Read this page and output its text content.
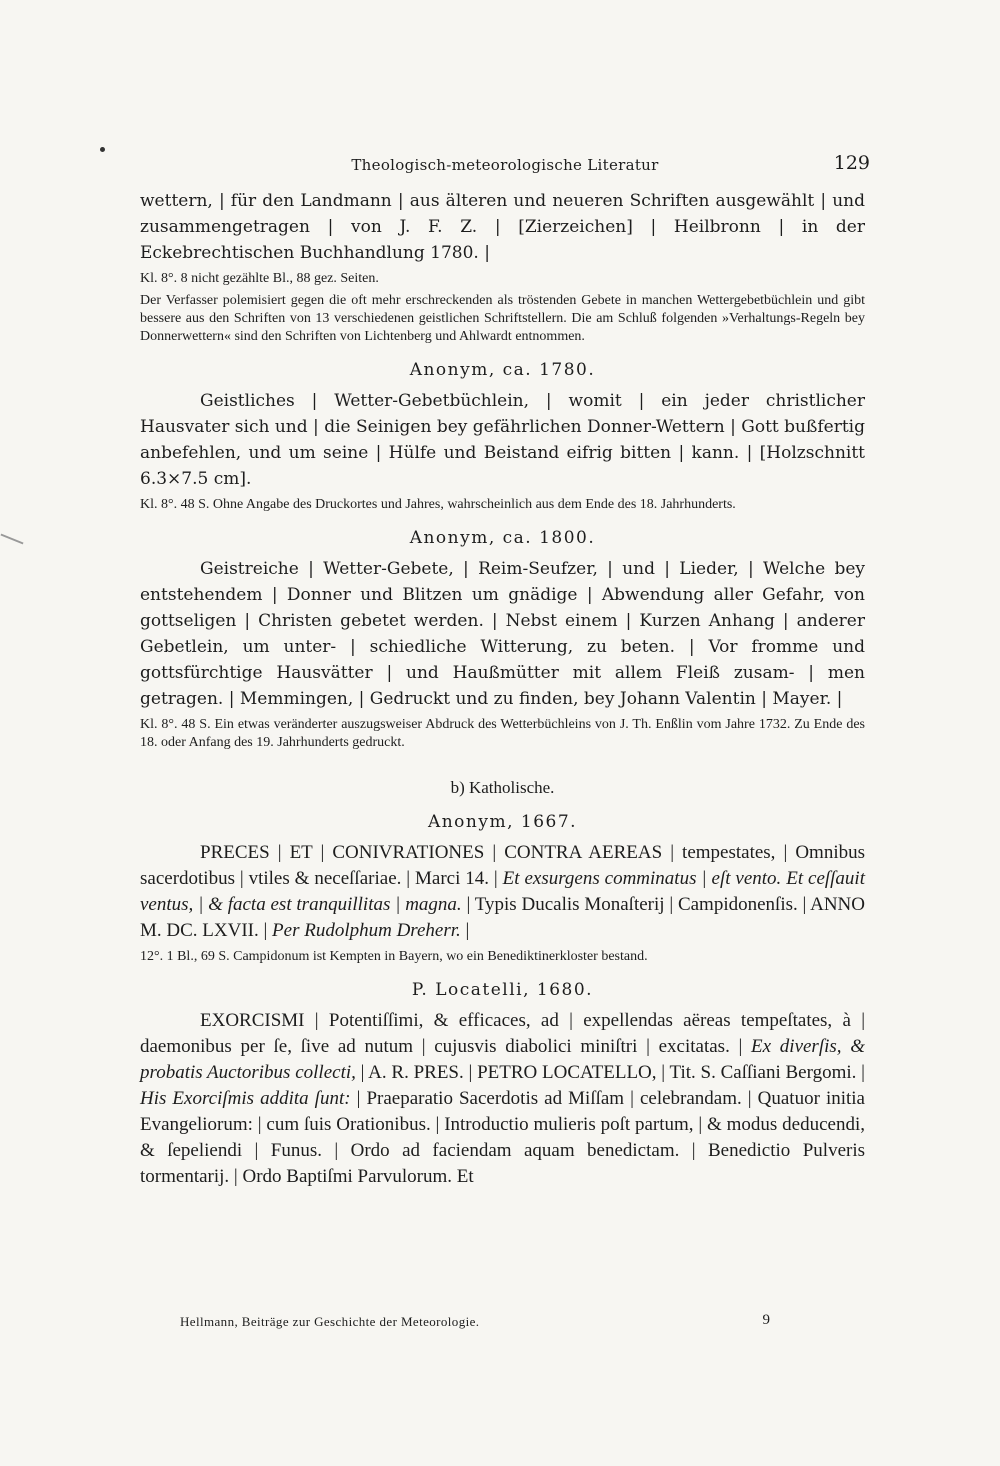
Theologisch-meteorologische Literatur	129

wettern, | für den Landmann | aus älteren und neueren Schriften ausgewählt | und zusammengetragen | von J. F. Z. | [Zierzeichen] | Heilbronn | in der Eckebrechtischen Buchhandlung 1780. |

Kl. 8°. 8 nicht gezählte Bl., 88 gez. Seiten.

Der Verfasser polemisiert gegen die oft mehr erschreckenden als tröstenden Gebete in manchen Wettergebetbüchlein und gibt bessere aus den Schriften von 13 verschiedenen geistlichen Schriftstellern. Die am Schluß folgenden »Verhaltungs-Regeln bey Donnerwettern« sind den Schriften von Lichtenberg und Ahlwardt entnommen.

Anonym, ca. 1780.

Geistliches | Wetter-Gebetbüchlein, | womit | ein jeder christlicher Hausvater sich und | die Seinigen bey gefährlichen Donner-Wettern | Gott bußfertig anbefehlen, und um seine | Hülfe und Beistand eifrig bitten | kann. | [Holzschnitt 6.3×7.5 cm].

Kl. 8°. 48 S. Ohne Angabe des Druckortes und Jahres, wahrscheinlich aus dem Ende des 18. Jahrhunderts.

Anonym, ca. 1800.

Geistreiche | Wetter-Gebete, | Reim-Seufzer, | und | Lieder, | Welche bey entstehendem | Donner und Blitzen um gnädige | Abwendung aller Gefahr, von gottseligen | Christen gebetet werden. | Nebst einem | Kurzen Anhang | anderer Gebetlein, um unter- | schiedliche Witterung, zu beten. | Vor fromme und gottsfürchtige Hausvätter | und Haußmütter mit allem Fleiß zusam- | men getragen. | Memmingen, | Gedruckt und zu finden, bey Johann Valentin | Mayer. |

Kl. 8°. 48 S. Ein etwas veränderter auszugsweiser Abdruck des Wetterbüchleins von J. Th. Enßlin vom Jahre 1732. Zu Ende des 18. oder Anfang des 19. Jahrhunderts gedruckt.

b) Katholische.
Anonym, 1667.

PRECES | ET | CONIVRATIONES | CONTRA AEREAS | tempestates, | Omnibus sacerdotibus | vtiles & neceſſariae. | Marci 14. | Et exsurgens comminatus | eſt vento. Et ceſſauit ventus, | & facta est tranquillitas | magna. | Typis Ducalis Monaſterij | Campidonenſis. | ANNO M. DC. LXVII. | Per Rudolphum Dreherr. |

12°. 1 Bl., 69 S. Campidonum ist Kempten in Bayern, wo ein Benediktinerkloster bestand.

P. Locatelli, 1680.

EXORCISMI | Potentiſſimi, & efficaces, ad | expellendas aëreas tempeſtates, à | daemonibus per ſe, ſive ad nutum | cujusvis diabolici miniſtri | excitatas. | Ex diverſis, & probatis Auctoribus collecti, | A. R. PRES. | PETRO LOCATELLO, | Tit. S. Caſſiani Bergomi. | His Exorciſmis addita ſunt: | Praeparatio Sacerdotis ad Miſſam | celebrandam. | Quatuor initia Evangeliorum: | cum ſuis Orationibus. | Introductio mulieris poſt partum, | & modus deducendi, & ſepeliendi | Funus. | Ordo ad faciendam aquam benedictam. | Benedictio Pulveris tormentarij. | Ordo Baptiſmi Parvulorum. Et

Hellmann, Beiträge zur Geschichte der Meteorologie.	9
